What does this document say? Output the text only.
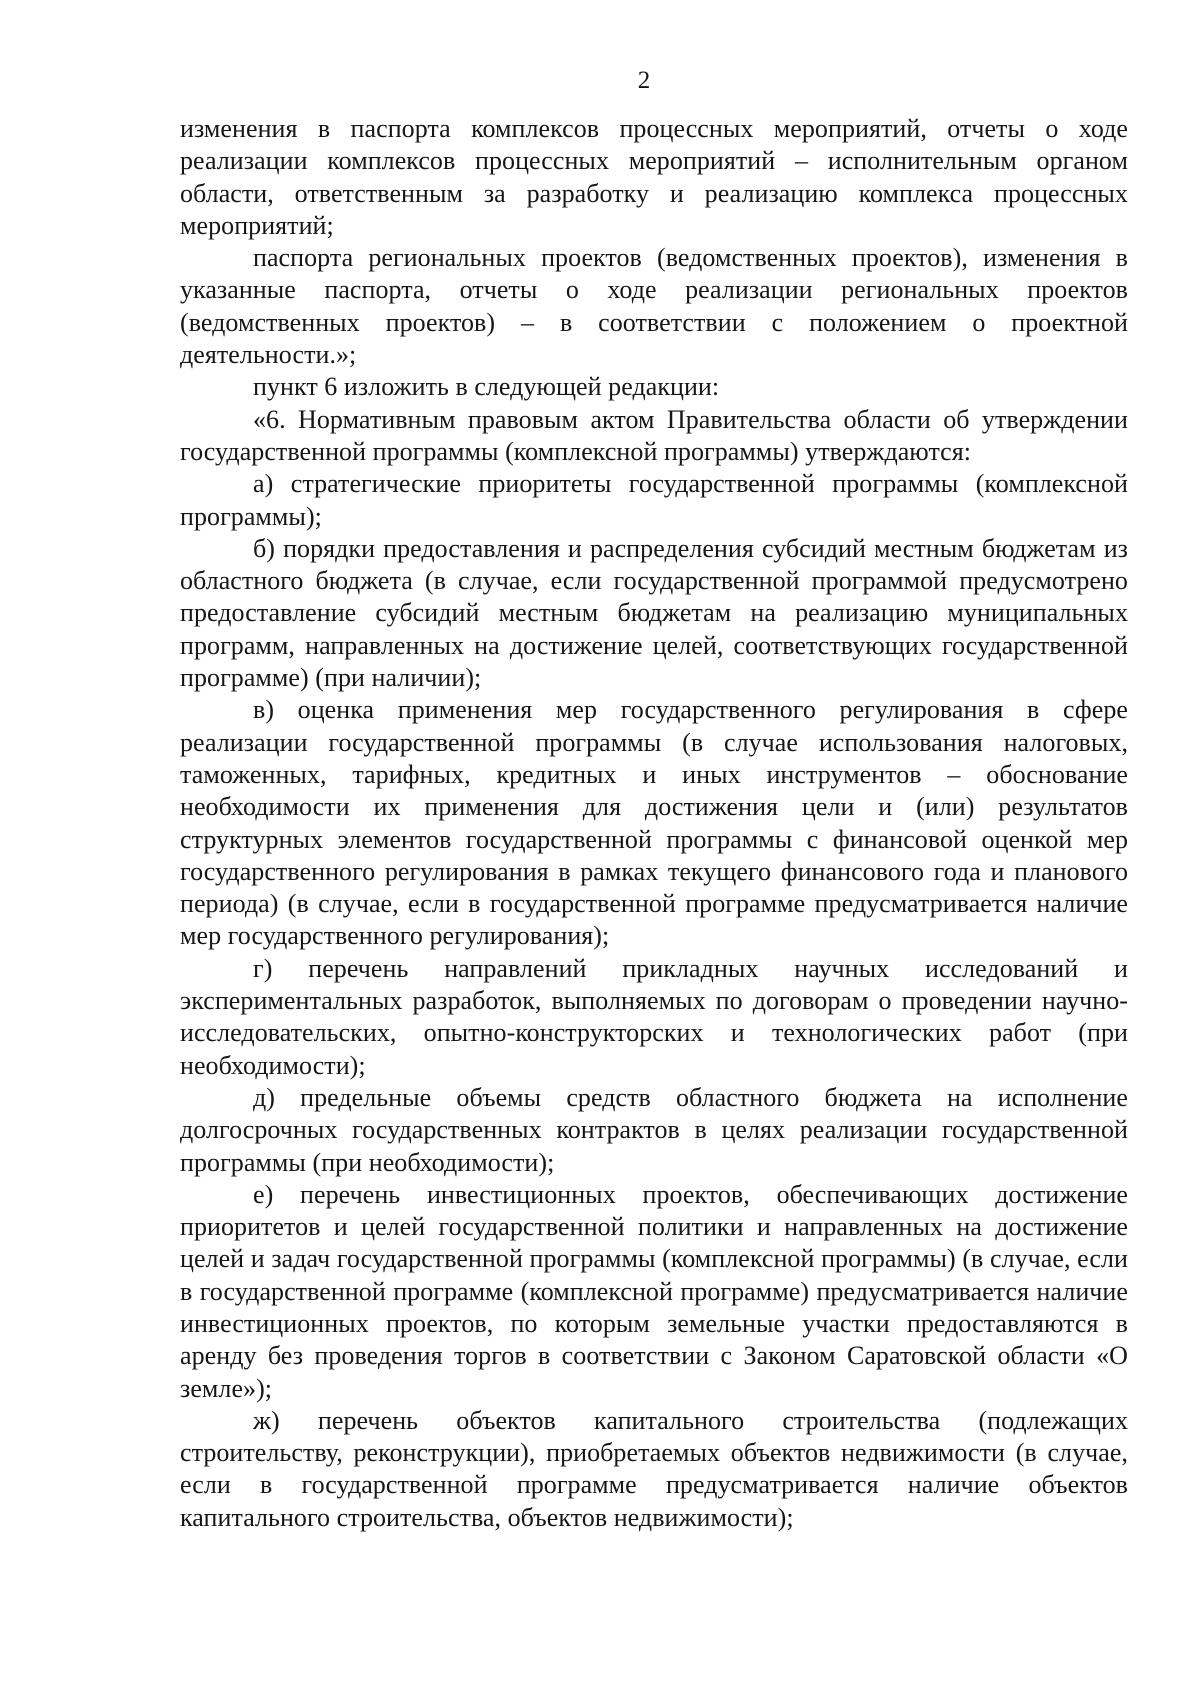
2

изменения в паспорта комплексов процессных мероприятий, отчеты о ходе реализации комплексов процессных мероприятий – исполнительным органом области, ответственным за разработку и реализацию комплекса процессных мероприятий;

паспорта региональных проектов (ведомственных проектов), изменения в указанные паспорта, отчеты о ходе реализации региональных проектов (ведомственных проектов) – в соответствии с положением о проектной деятельности.»;

пункт 6 изложить в следующей редакции:

«6. Нормативным правовым актом Правительства области об утверждении государственной программы (комплексной программы) утверждаются:

а) стратегические приоритеты государственной программы (комплексной программы);

б) порядки предоставления и распределения субсидий местным бюджетам из областного бюджета (в случае, если государственной программой предусмотрено предоставление субсидий местным бюджетам на реализацию муниципальных программ, направленных на достижение целей, соответствующих государственной программе) (при наличии);

в) оценка применения мер государственного регулирования в сфере реализации государственной программы (в случае использования налоговых, таможенных, тарифных, кредитных и иных инструментов – обоснование необходимости их применения для достижения цели и (или) результатов структурных элементов государственной программы с финансовой оценкой мер государственного регулирования в рамках текущего финансового года и планового периода) (в случае, если в государственной программе предусматривается наличие мер государственного регулирования);

г) перечень направлений прикладных научных исследований и экспериментальных разработок, выполняемых по договорам о проведении научно-исследовательских, опытно-конструкторских и технологических работ (при необходимости);

д) предельные объемы средств областного бюджета на исполнение долгосрочных государственных контрактов в целях реализации государственной программы (при необходимости);

е) перечень инвестиционных проектов, обеспечивающих достижение приоритетов и целей государственной политики и направленных на достижение целей и задач государственной программы (комплексной программы) (в случае, если в государственной программе (комплексной программе) предусматривается наличие инвестиционных проектов, по которым земельные участки предоставляются в аренду без проведения торгов в соответствии с Законом Саратовской области «О земле»);

ж) перечень объектов капитального строительства (подлежащих строительству, реконструкции), приобретаемых объектов недвижимости (в случае, если в государственной программе предусматривается наличие объектов капитального строительства, объектов недвижимости);
